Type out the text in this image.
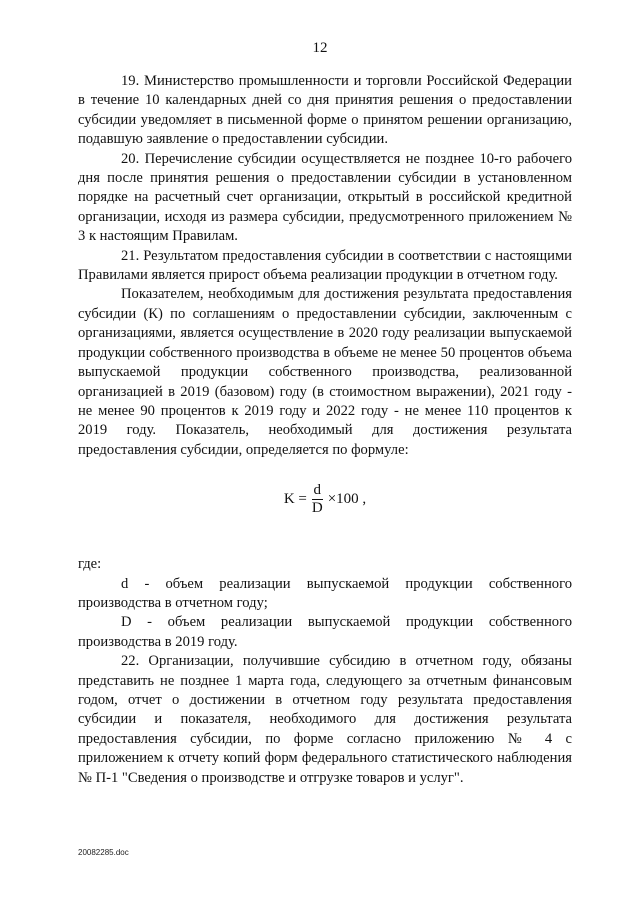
12

19. Министерство промышленности и торговли Российской Федерации в течение 10 календарных дней со дня принятия решения о предоставлении субсидии уведомляет в письменной форме о принятом решении организацию, подавшую заявление о предоставлении субсидии.

20. Перечисление субсидии осуществляется не позднее 10-го рабочего дня после принятия решения о предоставлении субсидии в установленном порядке на расчетный счет организации, открытый в российской кредитной организации, исходя из размера субсидии, предусмотренного приложением № 3 к настоящим Правилам.

21. Результатом предоставления субсидии в соответствии с настоящими Правилами является прирост объема реализации продукции в отчетном году.

Показателем, необходимым для достижения результата предоставления субсидии (К) по соглашениям о предоставлении субсидии, заключенным с организациями, является осуществление в 2020 году реализации выпускаемой продукции собственного производства в объеме не менее 50 процентов объема выпускаемой продукции собственного производства, реализованной организацией в 2019 (базовом) году (в стоимостном выражении), 2021 году - не менее 90 процентов к 2019 году и 2022 году - не менее 110 процентов к 2019 году. Показатель, необходимый для достижения результата предоставления субсидии, определяется по формуле:

$K = \frac{d}{D} \times 100$ ,

где:

d - объем реализации выпускаемой продукции собственного производства в отчетном году;

D - объем реализации выпускаемой продукции собственного производства в 2019 году.

22. Организации, получившие субсидию в отчетном году, обязаны представить не позднее 1 марта года, следующего за отчетным финансовым годом, отчет о достижении в отчетном году результата предоставления субсидии и показателя, необходимого для достижения результата предоставления субсидии, по форме согласно приложению № 4 с приложением к отчету копий форм федерального статистического наблюдения № П-1 "Сведения о производстве и отгрузке товаров и услуг".

20082285.doc
